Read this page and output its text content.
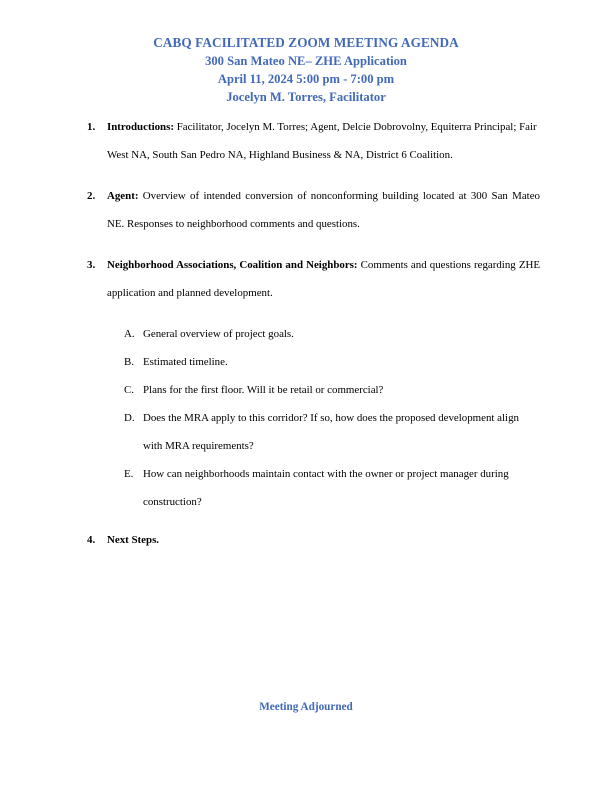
CABQ FACILITATED ZOOM MEETING AGENDA
300 San Mateo NE– ZHE Application
April 11, 2024 5:00 pm - 7:00 pm
Jocelyn M. Torres, Facilitator
1. Introductions: Facilitator, Jocelyn M. Torres; Agent, Delcie Dobrovolny, Equiterra Principal; Fair West NA, South San Pedro NA, Highland Business & NA, District 6 Coalition.
2. Agent: Overview of intended conversion of nonconforming building located at 300 San Mateo NE. Responses to neighborhood comments and questions.
3. Neighborhood Associations, Coalition and Neighbors: Comments and questions regarding ZHE application and planned development.
A. General overview of project goals.
B. Estimated timeline.
C. Plans for the first floor. Will it be retail or commercial?
D. Does the MRA apply to this corridor? If so, how does the proposed development align with MRA requirements?
E. How can neighborhoods maintain contact with the owner or project manager during construction?
4. Next Steps.
Meeting Adjourned
